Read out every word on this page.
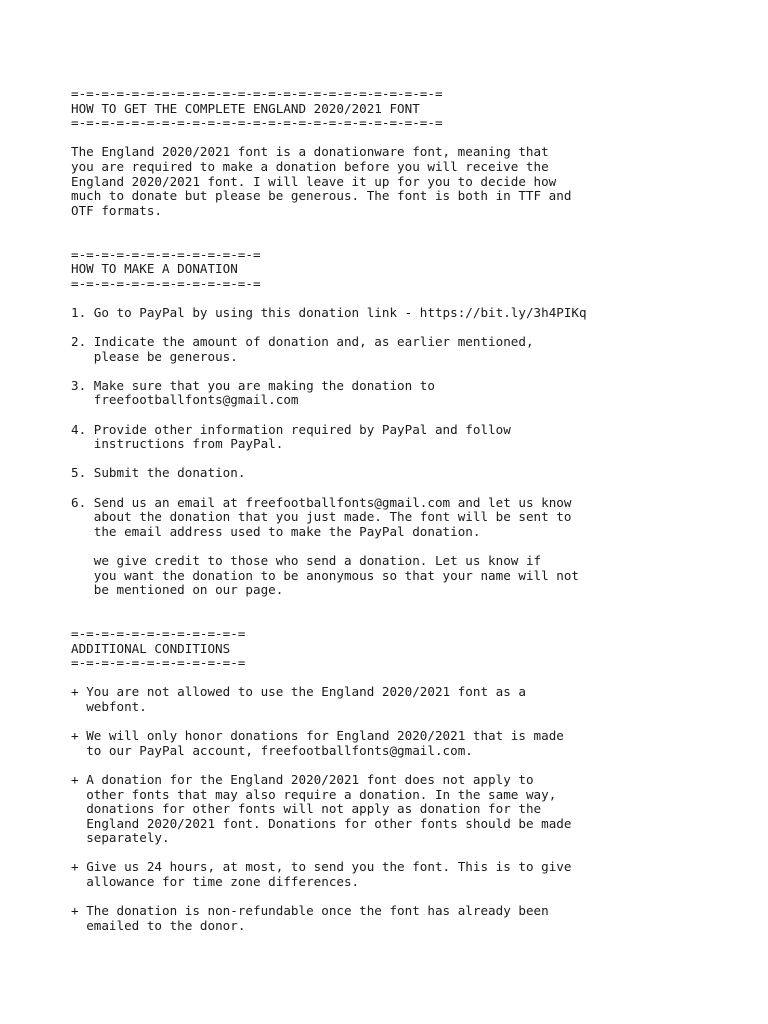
=-=-=-=-=-=-=-=-=-=-=-=-=-=-=-=-=-=-=-=-=-=-=-=-=
HOW TO GET THE COMPLETE ENGLAND 2020/2021 FONT
=-=-=-=-=-=-=-=-=-=-=-=-=-=-=-=-=-=-=-=-=-=-=-=-=
The England 2020/2021 font is a donationware font, meaning that
you are required to make a donation before you will receive the
England 2020/2021 font. I will leave it up for you to decide how
much to donate but please be generous. The font is both in TTF and
OTF formats.
=-=-=-=-=-=-=-=-=-=-=-=-=
HOW TO MAKE A DONATION
=-=-=-=-=-=-=-=-=-=-=-=-=
1.
Go to PayPal by using this donation link - https://bit.ly/3h4PIKq
2.
Indicate the amount of donation and, as earlier mentioned,
please be generous.
3.
Make sure that you are making the donation to
freefootballfonts@gmail.com
4.
Provide other information required by PayPal and follow
instructions from PayPal.
5.
Submit the donation.
6.
Send us an email at freefootballfonts@gmail.com and let us know
about the donation that you just made. The font will be sent to
the email address used to make the PayPal donation.
we give credit to those who send a donation. Let us know if
you want the donation to be anonymous so that your name will not
be mentioned on our page.
=-=-=-=-=-=-=-=-=-=-=-=
ADDITIONAL CONDITIONS
=-=-=-=-=-=-=-=-=-=-=-=
+
You are not allowed to use the England 2020/2021 font as a
webfont.
+
We will only honor donations for England 2020/2021 that is made
to our PayPal account, freefootballfonts@gmail.com.
+
A donation for the England 2020/2021 font does not apply to
other fonts that may also require a donation. In the same way,
donations for other fonts will not apply as donation for the
England 2020/2021 font. Donations for other fonts should be made
separately.
+
Give us 24 hours, at most, to send you the font. This is to give
allowance for time zone differences.
+
The donation is non-refundable once the font has already been
emailed to the donor.
